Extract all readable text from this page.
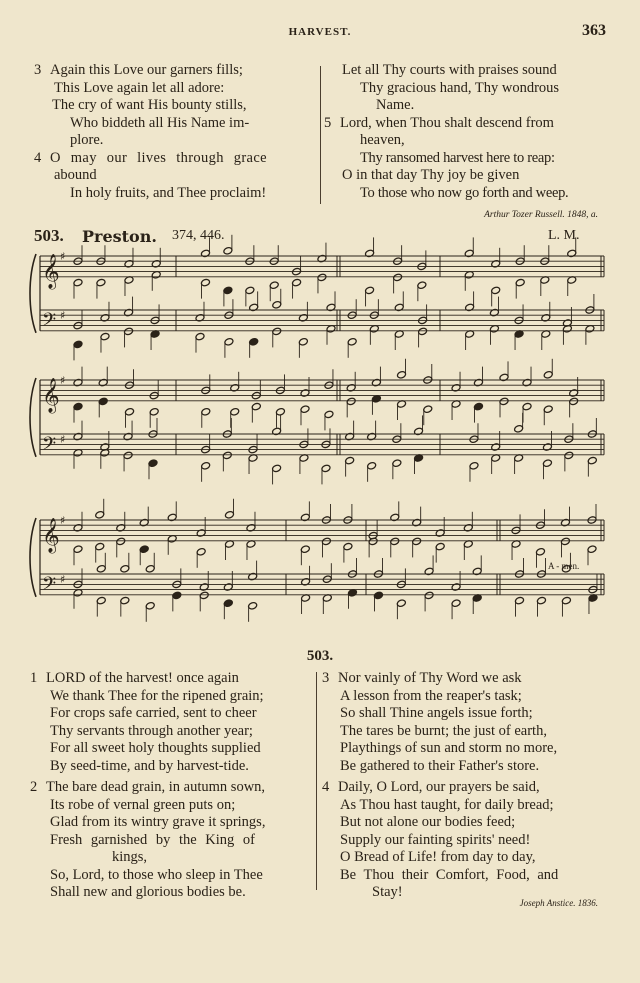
HARVEST.	363
3 Again this Love our garners fills;
This Love again let all adore:
The cry of want His bounty stills,
Who biddeth all His Name im-
plore.
4 O may our lives through grace
abound
In holy fruits, and Thee proclaim!
Let all Thy courts with praises sound
Thy gracious hand, Thy wondrous
Name.
5 Lord, when Thou shalt descend from
heaven,
Thy ransomed harvest here to reap:
O in that day Thy joy be given
To those who now go forth and weep.
Arthur Tozer Russell. 1848, a.
503. Preston. 374, 446.	L. M.
𝄞 ♯
𝄢 ♯
𝄞 ♯
𝄢 ♯
𝄞 ♯
𝄢 ♯
A - men.
503.
1 LORD of the harvest! once again
We thank Thee for the ripened grain;
For crops safe carried, sent to cheer
Thy servants through another year;
For all sweet holy thoughts supplied
By seed-time, and by harvest-tide.
2 The bare dead grain, in autumn sown,
Its robe of vernal green puts on;
Glad from its wintry grave it springs,
Fresh garnished by the King of
kings,
So, Lord, to those who sleep in Thee
Shall new and glorious bodies be.
3 Nor vainly of Thy Word we ask
A lesson from the reaper's task;
So shall Thine angels issue forth;
The tares be burnt; the just of earth,
Playthings of sun and storm no more,
Be gathered to their Father's store.
4 Daily, O Lord, our prayers be said,
As Thou hast taught, for daily bread;
But not alone our bodies feed;
Supply our fainting spirits' need!
O Bread of Life! from day to day,
Be Thou their Comfort, Food, and
Stay!
Joseph Anstice. 1836.
